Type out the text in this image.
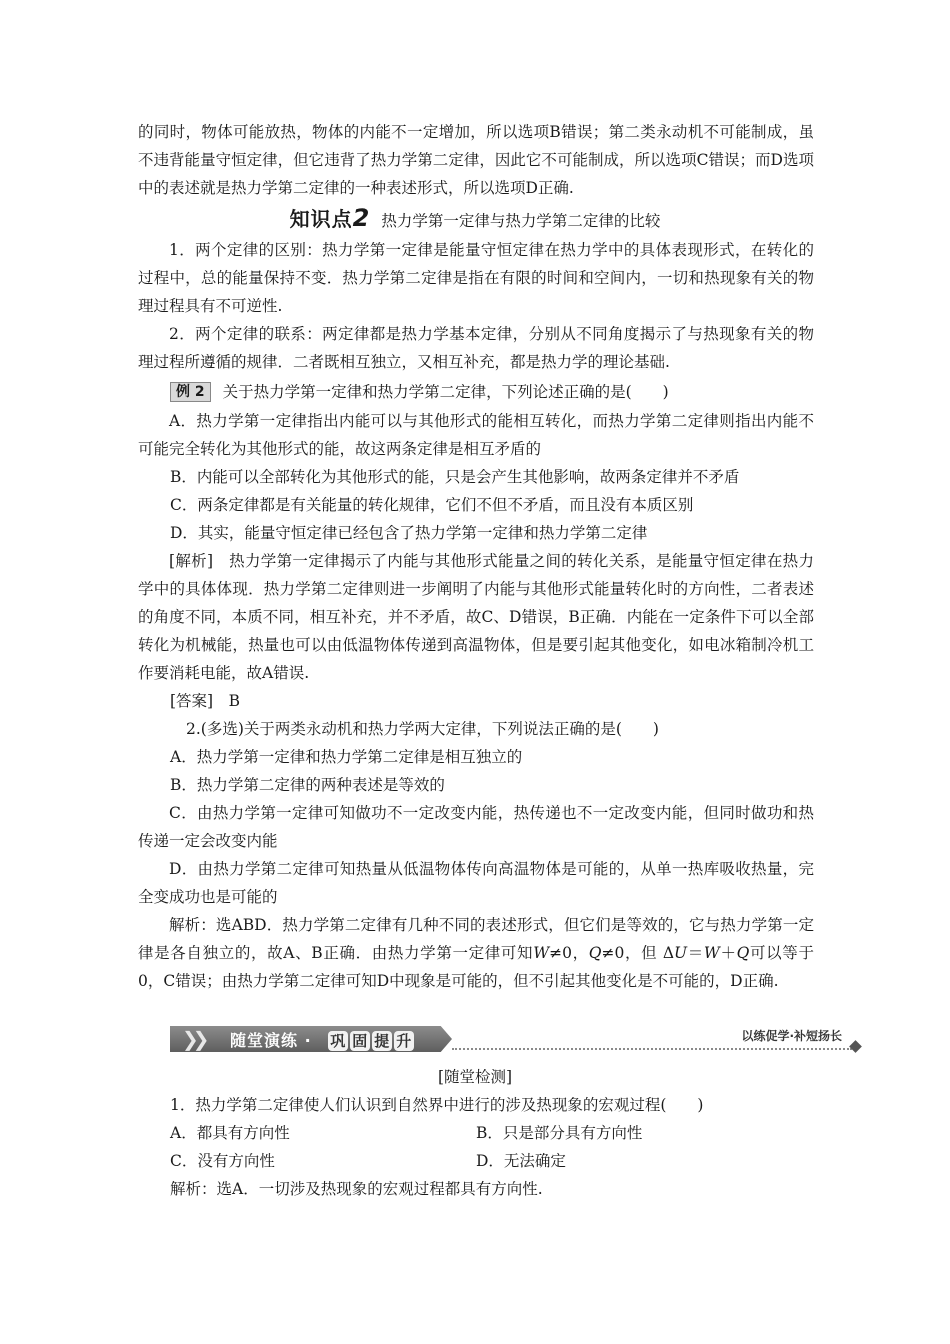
的同时，物体可能放热，物体的内能不一定增加，所以选项B错误；第二类永动机不可能制成，虽不违背能量守恒定律，但它违背了热力学第二定律，因此它不可能制成，所以选项C错误；而D选项中的表述就是热力学第二定律的一种表述形式，所以选项D正确.

知识点2 热力学第一定律与热力学第二定律的比较

1．两个定律的区别：热力学第一定律是能量守恒定律在热力学中的具体表现形式，在转化的过程中，总的能量保持不变．热力学第二定律是指在有限的时间和空间内，一切和热现象有关的物理过程具有不可逆性.

2．两个定律的联系：两定律都是热力学基本定律，分别从不同角度揭示了与热现象有关的物理过程所遵循的规律．二者既相互独立，又相互补充，都是热力学的理论基础.

例 2 关于热力学第一定律和热力学第二定律，下列论述正确的是(　　)

A．热力学第一定律指出内能可以与其他形式的能相互转化，而热力学第二定律则指出内能不可能完全转化为其他形式的能，故这两条定律是相互矛盾的

B．内能可以全部转化为其他形式的能，只是会产生其他影响，故两条定律并不矛盾

C．两条定律都是有关能量的转化规律，它们不但不矛盾，而且没有本质区别

D．其实，能量守恒定律已经包含了热力学第一定律和热力学第二定律

[解析]　热力学第一定律揭示了内能与其他形式能量之间的转化关系，是能量守恒定律在热力学中的具体体现．热力学第二定律则进一步阐明了内能与其他形式能量转化时的方向性，二者表述的角度不同，本质不同，相互补充，并不矛盾，故C、D错误，B正确．内能在一定条件下可以全部转化为机械能，热量也可以由低温物体传递到高温物体，但是要引起其他变化，如电冰箱制冷机工作要消耗电能，故A错误.

[答案]　B

2.(多选)关于两类永动机和热力学两大定律，下列说法正确的是(　　)

A．热力学第一定律和热力学第二定律是相互独立的

B．热力学第二定律的两种表述是等效的

C．由热力学第一定律可知做功不一定改变内能，热传递也不一定改变内能，但同时做功和热传递一定会改变内能

D．由热力学第二定律可知热量从低温物体传向高温物体是可能的，从单一热库吸收热量，完全变成功也是可能的

解析：选ABD．热力学第二定律有几种不同的表述形式，但它们是等效的，它与热力学第一定律是各自独立的，故A、B正确．由热力学第一定律可知W≠0，Q≠0，但 ΔU＝W＋Q可以等于0，C错误；由热力学第二定律可知D中现象是可能的，但不引起其他变化是不可能的，D正确.

❯❯ 随堂演练 · 巩 固 提 升	以练促学·补短扬长

[随堂检测]

1．热力学第二定律使人们认识到自然界中进行的涉及热现象的宏观过程(　　)

A．都具有方向性	B．只是部分具有方向性

C．没有方向性	D．无法确定

解析：选A．一切涉及热现象的宏观过程都具有方向性.
